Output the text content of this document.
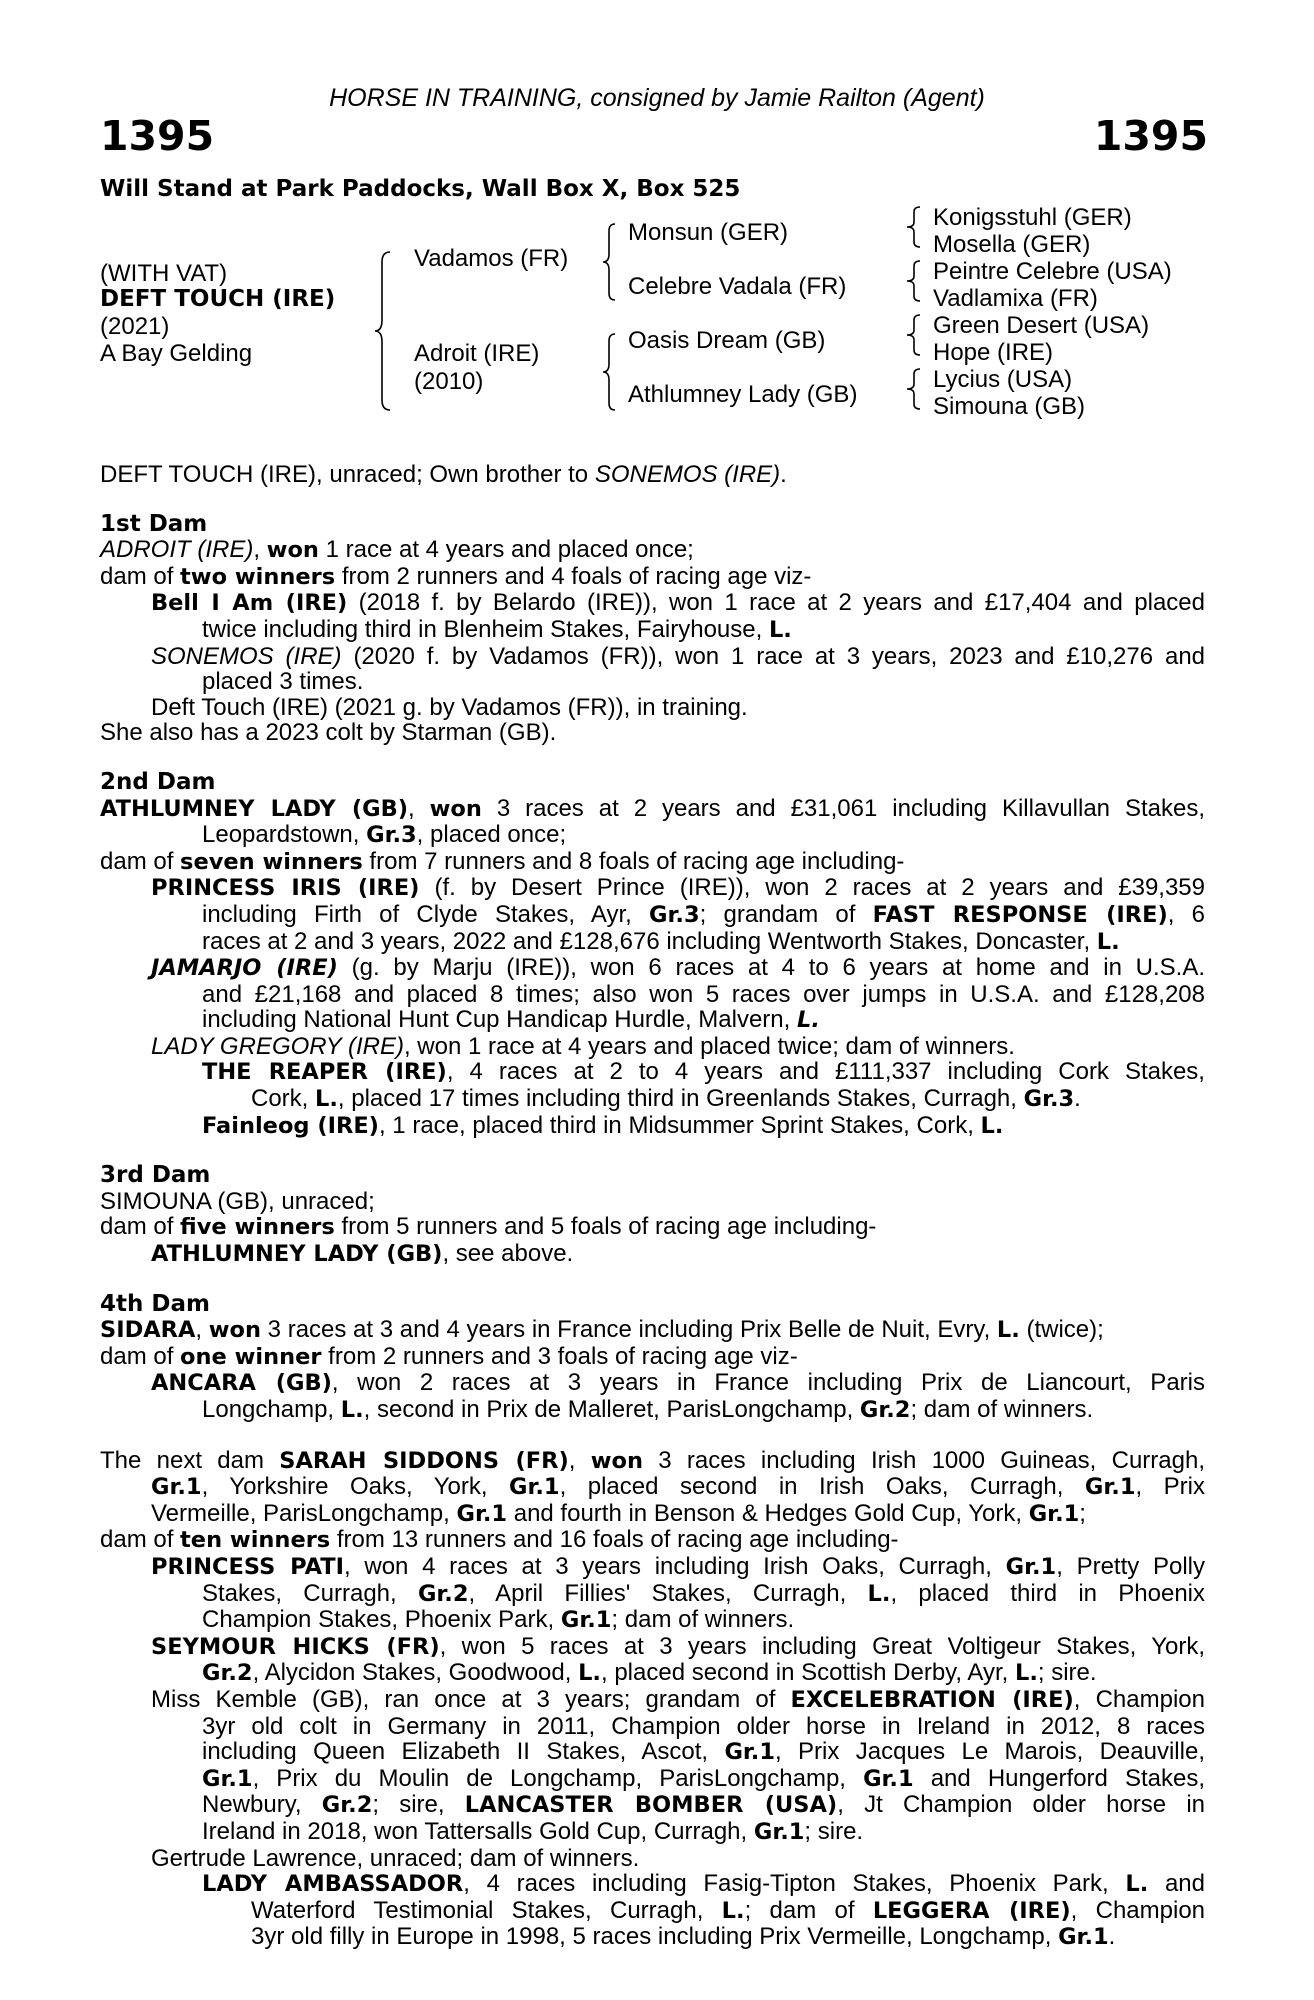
HORSE IN TRAINING, consigned by Jamie Railton (Agent)
1395	1395
Will Stand at Park Paddocks, Wall Box X, Box 525
(WITH VAT)
DEFT TOUCH (IRE)
(2021)
A Bay Gelding
Vadamos (FR)
Adroit (IRE)
(2010)
Monsun (GER)
Celebre Vadala (FR)
Oasis Dream (GB)
Athlumney Lady (GB)
Konigsstuhl (GER)
Mosella (GER)
Peintre Celebre (USA)
Vadlamixa (FR)
Green Desert (USA)
Hope (IRE)
Lycius (USA)
Simouna (GB)

DEFT TOUCH (IRE), unraced; Own brother to SONEMOS (IRE).

1st Dam

ADROIT (IRE), won 1 race at 4 years and placed once;

dam of two winners from 2 runners and 4 foals of racing age viz-

Bell I Am (IRE) (2018 f. by Belardo (IRE)), won 1 race at 2 years and £17,404 and placed

twice including third in Blenheim Stakes, Fairyhouse, L.

SONEMOS (IRE) (2020 f. by Vadamos (FR)), won 1 race at 3 years, 2023 and £10,276 and

placed 3 times.

Deft Touch (IRE) (2021 g. by Vadamos (FR)), in training.

She also has a 2023 colt by Starman (GB).

2nd Dam

ATHLUMNEY LADY (GB), won 3 races at 2 years and £31,061 including Killavullan Stakes,

Leopardstown, Gr.3, placed once;

dam of seven winners from 7 runners and 8 foals of racing age including-

PRINCESS IRIS (IRE) (f. by Desert Prince (IRE)), won 2 races at 2 years and £39,359

including Firth of Clyde Stakes, Ayr, Gr.3; grandam of FAST RESPONSE (IRE), 6

races at 2 and 3 years, 2022 and £128,676 including Wentworth Stakes, Doncaster, L.

JAMARJO (IRE) (g. by Marju (IRE)), won 6 races at 4 to 6 years at home and in U.S.A.

and £21,168 and placed 8 times; also won 5 races over jumps in U.S.A. and £128,208

including National Hunt Cup Handicap Hurdle, Malvern, L.

LADY GREGORY (IRE), won 1 race at 4 years and placed twice; dam of winners.

THE REAPER (IRE), 4 races at 2 to 4 years and £111,337 including Cork Stakes,

Cork, L., placed 17 times including third in Greenlands Stakes, Curragh, Gr.3.

Fainleog (IRE), 1 race, placed third in Midsummer Sprint Stakes, Cork, L.

3rd Dam

SIMOUNA (GB), unraced;

dam of five winners from 5 runners and 5 foals of racing age including-

ATHLUMNEY LADY (GB), see above.

4th Dam

SIDARA, won 3 races at 3 and 4 years in France including Prix Belle de Nuit, Evry, L. (twice);

dam of one winner from 2 runners and 3 foals of racing age viz-

ANCARA (GB), won 2 races at 3 years in France including Prix de Liancourt, Paris

Longchamp, L., second in Prix de Malleret, ParisLongchamp, Gr.2; dam of winners.

The next dam SARAH SIDDONS (FR), won 3 races including Irish 1000 Guineas, Curragh,

Gr.1, Yorkshire Oaks, York, Gr.1, placed second in Irish Oaks, Curragh, Gr.1, Prix

Vermeille, ParisLongchamp, Gr.1 and fourth in Benson & Hedges Gold Cup, York, Gr.1;

dam of ten winners from 13 runners and 16 foals of racing age including-

PRINCESS PATI, won 4 races at 3 years including Irish Oaks, Curragh, Gr.1, Pretty Polly

Stakes, Curragh, Gr.2, April Fillies' Stakes, Curragh, L., placed third in Phoenix

Champion Stakes, Phoenix Park, Gr.1; dam of winners.

SEYMOUR HICKS (FR), won 5 races at 3 years including Great Voltigeur Stakes, York,

Gr.2, Alycidon Stakes, Goodwood, L., placed second in Scottish Derby, Ayr, L.; sire.

Miss Kemble (GB), ran once at 3 years; grandam of EXCELEBRATION (IRE), Champion

3yr old colt in Germany in 2011, Champion older horse in Ireland in 2012, 8 races

including Queen Elizabeth II Stakes, Ascot, Gr.1, Prix Jacques Le Marois, Deauville,

Gr.1, Prix du Moulin de Longchamp, ParisLongchamp, Gr.1 and Hungerford Stakes,

Newbury, Gr.2; sire, LANCASTER BOMBER (USA), Jt Champion older horse in

Ireland in 2018, won Tattersalls Gold Cup, Curragh, Gr.1; sire.

Gertrude Lawrence, unraced; dam of winners.

LADY AMBASSADOR, 4 races including Fasig-Tipton Stakes, Phoenix Park, L. and

Waterford Testimonial Stakes, Curragh, L.; dam of LEGGERA (IRE), Champion

3yr old filly in Europe in 1998, 5 races including Prix Vermeille, Longchamp, Gr.1.
